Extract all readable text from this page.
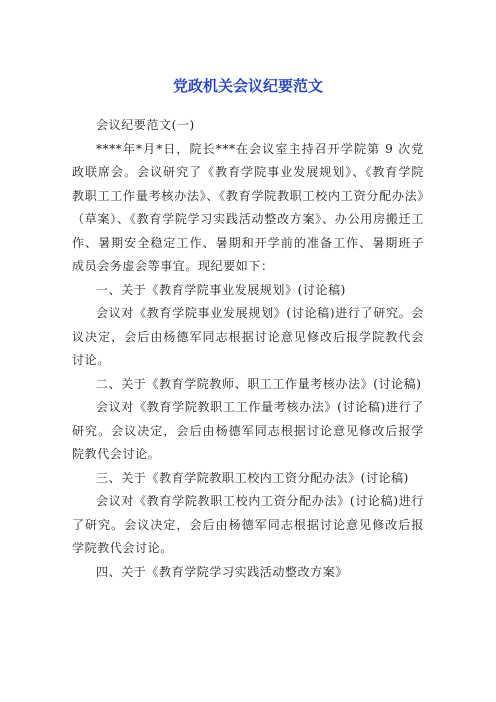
党政机关会议纪要范文

会议纪要范文(一)

****年*月*日，院长***在会议室主持召开学院第 9 次党政联席会。会议研究了《教育学院事业发展规划》、《教育学院教职工工作量考核办法》、《教育学院教职工校内工资分配办法》（草案）、《教育学院学习实践活动整改方案》、办公用房搬迁工作、暑期安全稳定工作、暑期和开学前的准备工作、暑期班子成员会务虚会等事宜。现纪要如下：

一、关于《教育学院事业发展规划》(讨论稿)

会议对《教育学院事业发展规划》(讨论稿)进行了研究。会议决定，会后由杨德军同志根据讨论意见修改后报学院教代会讨论。

二、关于《教育学院教师、职工工作量考核办法》(讨论稿)

会议对《教育学院教职工工作量考核办法》(讨论稿)进行了研究。会议决定，会后由杨德军同志根据讨论意见修改后报学院教代会讨论。

三、关于《教育学院教职工校内工资分配办法》(讨论稿)

会议对《教育学院教职工校内工资分配办法》(讨论稿)进行了研究。会议决定，会后由杨德军同志根据讨论意见修改后报学院教代会讨论。

四、关于《教育学院学习实践活动整改方案》
